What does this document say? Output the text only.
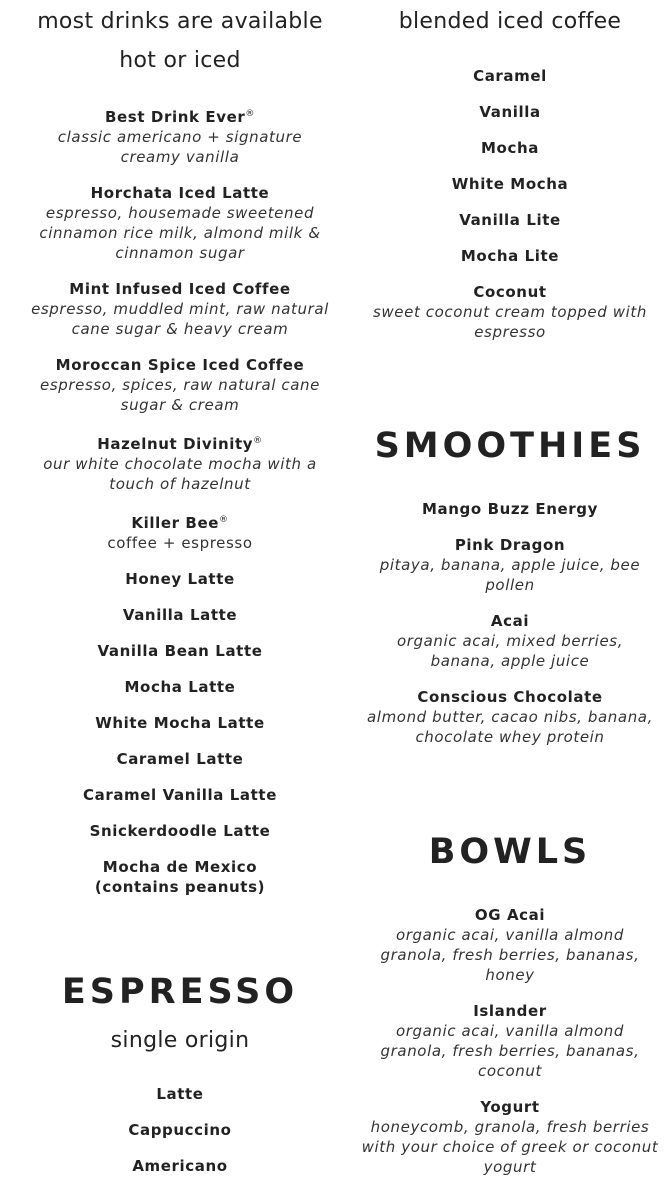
most drinks are available hot or iced

Best Drink Ever®

classic americano + signature creamy vanilla

Horchata Iced Latte

espresso, housemade sweetened cinnamon rice milk, almond milk & cinnamon sugar

Mint Infused Iced Coffee

espresso, muddled mint, raw natural cane sugar & heavy cream

Moroccan Spice Iced Coffee

espresso, spices, raw natural cane sugar & cream

Hazelnut Divinity®

our white chocolate mocha with a touch of hazelnut

Killer Bee®

coffee + espresso

Honey Latte

Vanilla Latte

Vanilla Bean Latte

Mocha Latte

White Mocha Latte

Caramel Latte

Caramel Vanilla Latte

Snickerdoodle Latte

Mocha de Mexico (contains peanuts)

ESPRESSO

single origin

Latte

Cappuccino

Americano

blended iced coffee

Caramel

Vanilla

Mocha

White Mocha

Vanilla Lite

Mocha Lite

Coconut

sweet coconut cream topped with espresso

SMOOTHIES

Mango Buzz Energy

Pink Dragon

pitaya, banana, apple juice, bee pollen

Acai

organic acai, mixed berries, banana, apple juice

Conscious Chocolate

almond butter, cacao nibs, banana, chocolate whey protein

BOWLS

OG Acai

organic acai, vanilla almond granola, fresh berries, bananas, honey

Islander

organic acai, vanilla almond granola, fresh berries, bananas, coconut

Yogurt

honeycomb, granola, fresh berries with your choice of greek or coconut yogurt
